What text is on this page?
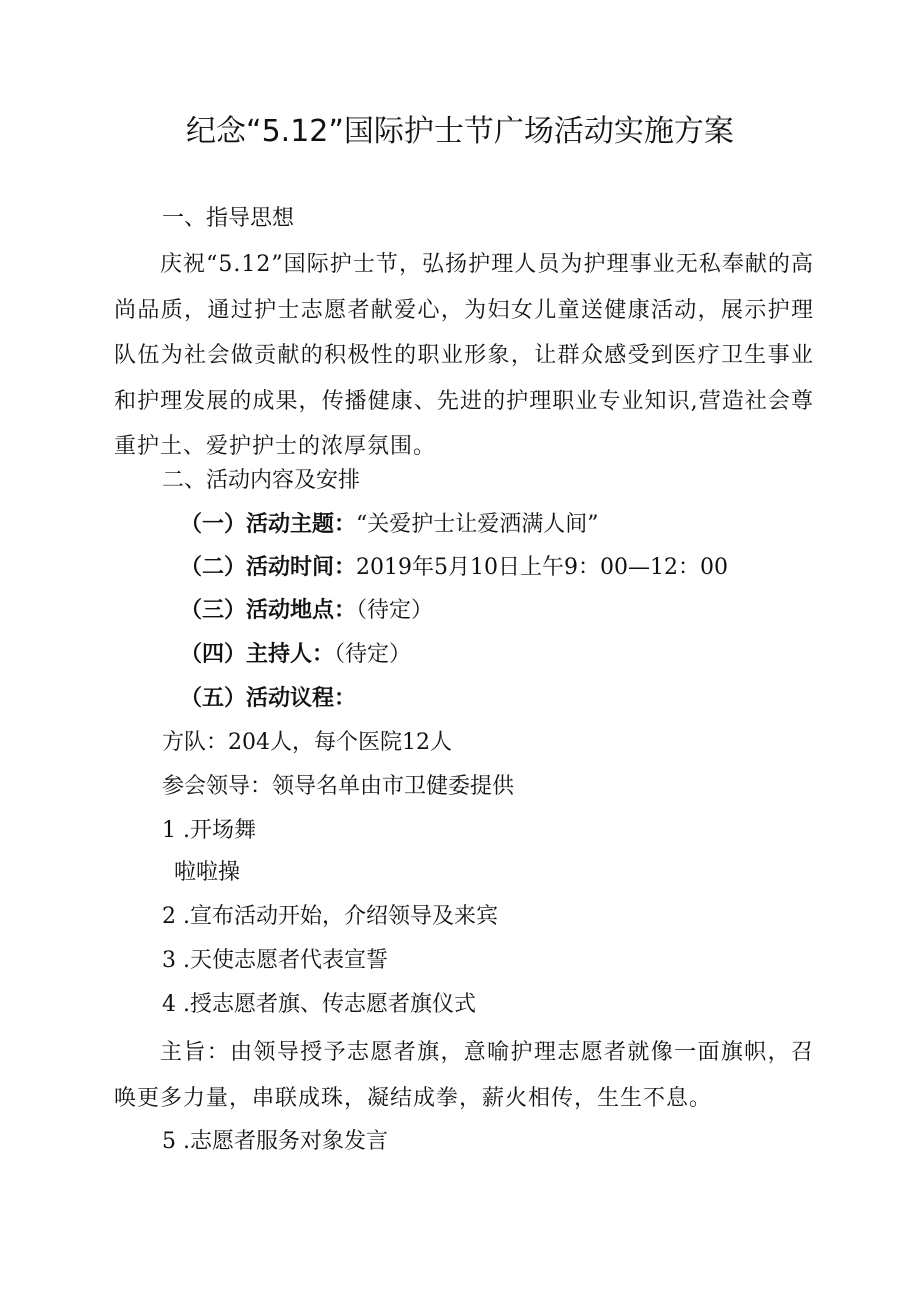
纪念“5.12”国际护士节广场活动实施方案

一、指导思想

庆祝“5.12”国际护士节，弘扬护理人员为护理事业无私奉献的高尚品质，通过护士志愿者献爱心，为妇女儿童送健康活动，展示护理队伍为社会做贡献的积极性的职业形象，让群众感受到医疗卫生事业和护理发展的成果，传播健康、先进的护理职业专业知识,营造社会尊重护土、爱护护士的浓厚氛围。

二、活动内容及安排

（一）活动主题：“关爱护士让爱洒满人间”

（二）活动时间：2019年5月10日上午9：00—12：00

（三）活动地点：（待定）

（四）主持人：（待定）

（五）活动议程：

方队：204人，每个医院12人

参会领导：领导名单由市卫健委提供

1 .开场舞

啦啦操

2 .宣布活动开始，介绍领导及来宾

3 .天使志愿者代表宣誓

4 .授志愿者旗、传志愿者旗仪式

主旨：由领导授予志愿者旗，意喻护理志愿者就像一面旗帜，召唤更多力量，串联成珠，凝结成拳，薪火相传，生生不息。

5 .志愿者服务对象发言
